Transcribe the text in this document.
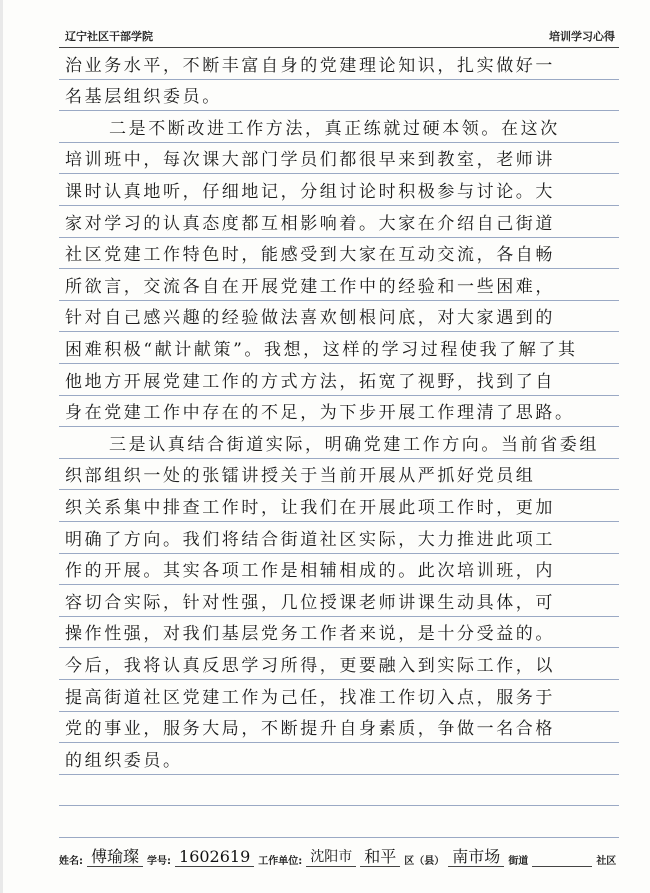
辽宁社区干部学院	培训学习心得
治业务水平，不断丰富自身的党建理论知识，扎实做好一
名基层组织委员。
二是不断改进工作方法，真正练就过硬本领。在这次
培训班中，每次课大部门学员们都很早来到教室，老师讲
课时认真地听，仔细地记，分组讨论时积极参与讨论。大
家对学习的认真态度都互相影响着。大家在介绍自己街道
社区党建工作特色时，能感受到大家在互动交流，各自畅
所欲言，交流各自在开展党建工作中的经验和一些困难，
针对自己感兴趣的经验做法喜欢刨根问底，对大家遇到的
困难积极“献计献策”。我想，这样的学习过程使我了解了其
他地方开展党建工作的方式方法，拓宽了视野，找到了自
身在党建工作中存在的不足，为下步开展工作理清了思路。
三是认真结合街道实际，明确党建工作方向。当前省委组
织部组织一处的张镭讲授关于当前开展从严抓好党员组
织关系集中排查工作时，让我们在开展此项工作时，更加
明确了方向。我们将结合街道社区实际，大力推进此项工
作的开展。其实各项工作是相辅相成的。此次培训班，内
容切合实际，针对性强，几位授课老师讲课生动具体，可
操作性强，对我们基层党务工作者来说，是十分受益的。
今后，我将认真反思学习所得，更要融入到实际工作，以
提高街道社区党建工作为己任，找准工作切入点，服务于
党的事业，服务大局，不断提升自身素质，争做一名合格
的组织委员。
姓名: 傅瑜璨 学号: 1602619 工作单位: 沈阳市 和平 区（县） 南市场 街道	社区
